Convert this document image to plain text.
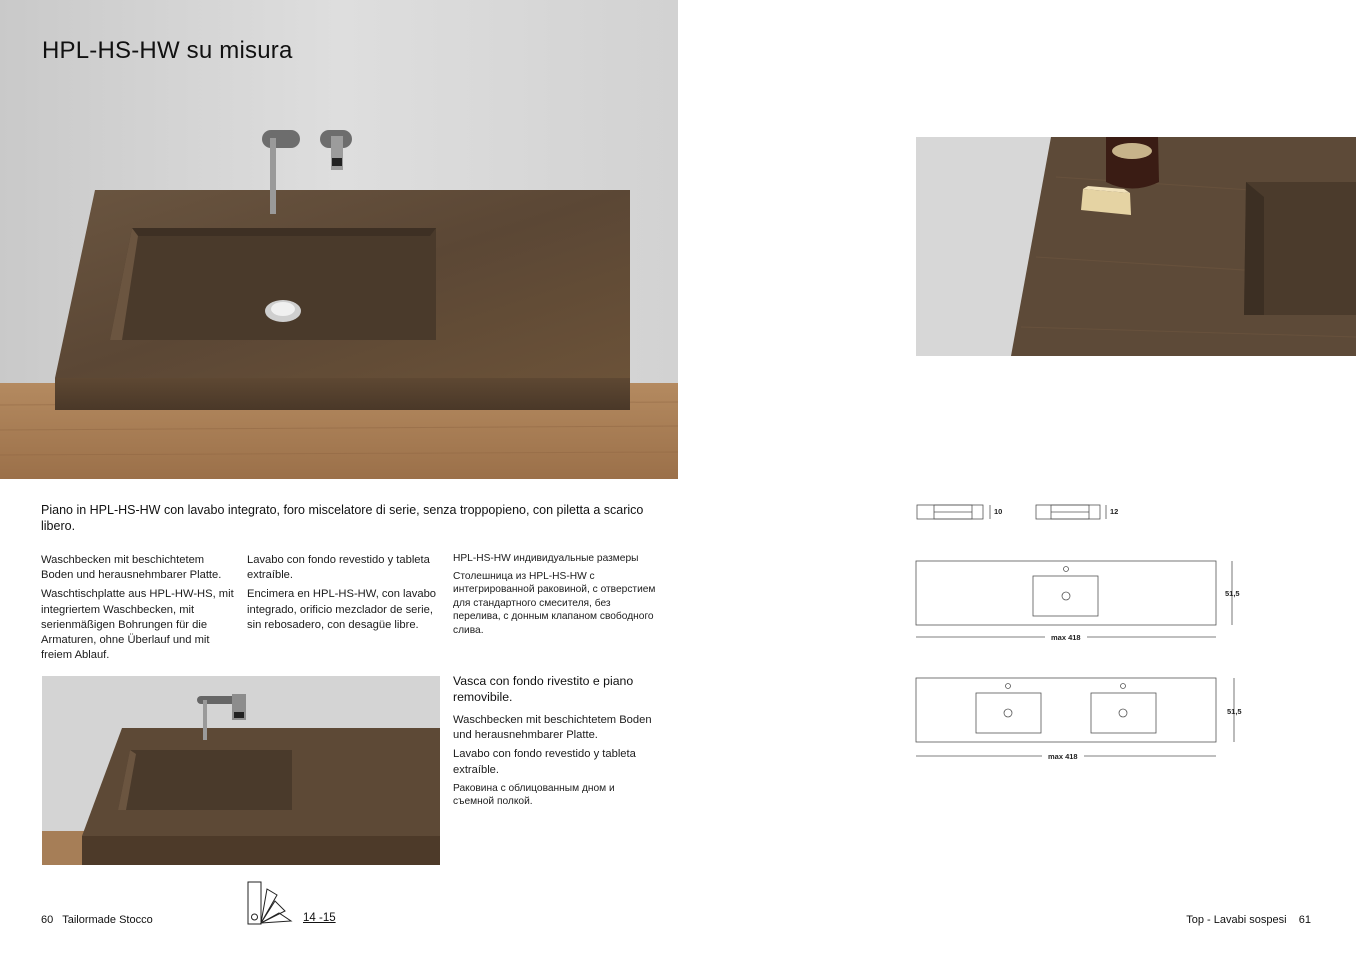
HPL-HS-HW su misura
Piano in HPL-HS-HW con lavabo integrato, foro miscelatore di serie, senza troppopieno, con piletta a scarico libero.

Waschbecken mit beschichtetem Boden und herausnehmbarer Platte.

Waschtischplatte aus HPL-HW-HS, mit integriertem Waschbecken, mit serienmäßigen Bohrungen für die Armaturen, ohne Überlauf und mit freiem Ablauf.

Lavabo con fondo revestido y tableta extraíble.

Encimera en HPL-HS-HW, con lavabo integrado, orificio mezclador de serie, sin rebosadero, con desagüe libre.

HPL-HS-HW индивидуальные размеры

Столешница из HPL-HS-HW с интегрированной раковиной, с отверстием для стандартного смесителя, без перелива, с донным клапаном свободного слива.

Vasca con fondo rivestito e piano removibile.

Waschbecken mit beschichtetem Boden und herausnehmbarer Platte.

Lavabo con fondo revestido y tableta extraíble.

Раковина с облицованным дном и съемной полкой.

60 Tailormade Stocco	14 -15
10	12
max 418
51,5
max 418
51,5
Top - Lavabi sospesi 61
